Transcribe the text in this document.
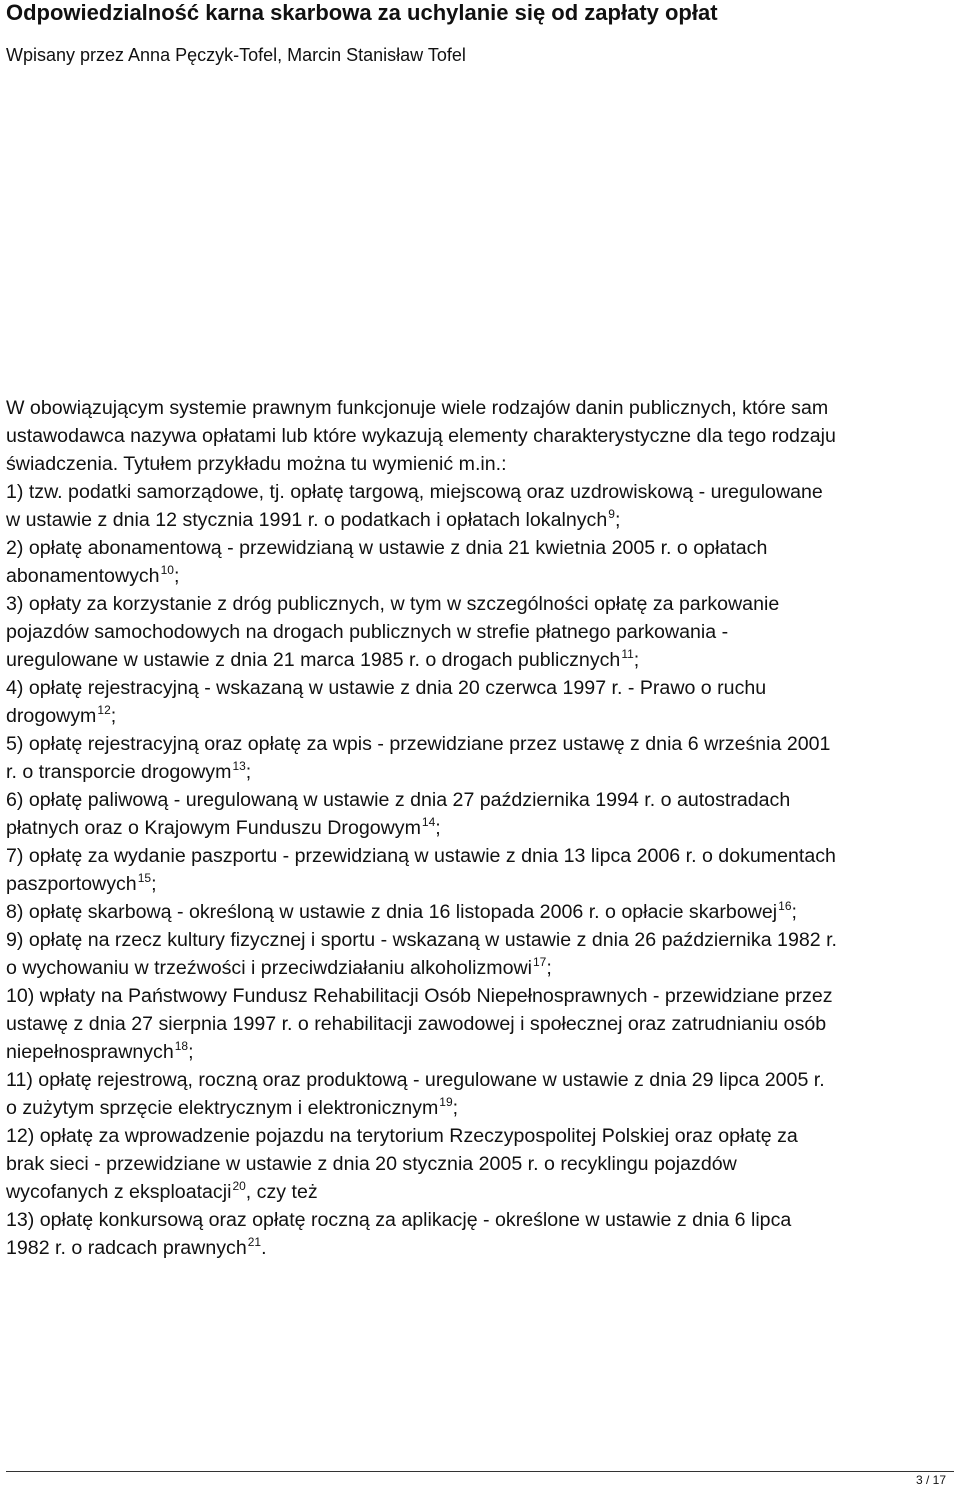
Odpowiedzialność karna skarbowa za uchylanie się od zapłaty opłat
Wpisany przez Anna Pęczyk-Tofel, Marcin Stanisław Tofel
W obowiązującym systemie prawnym funkcjonuje wiele rodzajów danin publicznych, które sam
ustawodawca nazywa opłatami lub które wykazują elementy charakterystyczne dla tego rodzaju
świadczenia. Tytułem przykładu można tu wymienić m.in.:
1) tzw. podatki samorządowe, tj. opłatę targową, miejscową oraz uzdrowiskową - uregulowane
w ustawie z dnia 12 stycznia 1991 r. o podatkach i opłatach lokalnych$^9$;
2) opłatę abonamentową - przewidzianą w ustawie z dnia 21 kwietnia 2005 r. o opłatach
abonamentowych$^{10}$;
3) opłaty za korzystanie z dróg publicznych, w tym w szczególności opłatę za parkowanie
pojazdów samochodowych na drogach publicznych w strefie płatnego parkowania -
uregulowane w ustawie z dnia 21 marca 1985 r. o drogach publicznych$^{11}$;
4) opłatę rejestracyjną - wskazaną w ustawie z dnia 20 czerwca 1997 r. - Prawo o ruchu
drogowym$^{12}$;
5) opłatę rejestracyjną oraz opłatę za wpis - przewidziane przez ustawę z dnia 6 września 2001
r. o transporcie drogowym$^{13}$;
6) opłatę paliwową - uregulowaną w ustawie z dnia 27 października 1994 r. o autostradach
płatnych oraz o Krajowym Funduszu Drogowym$^{14}$;
7) opłatę za wydanie paszportu - przewidzianą w ustawie z dnia 13 lipca 2006 r. o dokumentach
paszportowych$^{15}$;
8) opłatę skarbową - określoną w ustawie z dnia 16 listopada 2006 r. o opłacie skarbowej$^{16}$;
9) opłatę na rzecz kultury fizycznej i sportu - wskazaną w ustawie z dnia 26 października 1982 r.
o wychowaniu w trzeźwości i przeciwdziałaniu alkoholizmowi$^{17}$;
10) wpłaty na Państwowy Fundusz Rehabilitacji Osób Niepełnosprawnych - przewidziane przez
ustawę z dnia 27 sierpnia 1997 r. o rehabilitacji zawodowej i społecznej oraz zatrudnianiu osób
niepełnosprawnych$^{18}$;
11) opłatę rejestrową, roczną oraz produktową - uregulowane w ustawie z dnia 29 lipca 2005 r.
o zużytym sprzęcie elektrycznym i elektronicznym$^{19}$;
12) opłatę za wprowadzenie pojazdu na terytorium Rzeczypospolitej Polskiej oraz opłatę za
brak sieci - przewidziane w ustawie z dnia 20 stycznia 2005 r. o recyklingu pojazdów
wycofanych z eksploatacji$^{20}$, czy też
13) opłatę konkursową oraz opłatę roczną za aplikację - określone w ustawie z dnia 6 lipca
1982 r. o radcach prawnych$^{21}$.
3 / 17
